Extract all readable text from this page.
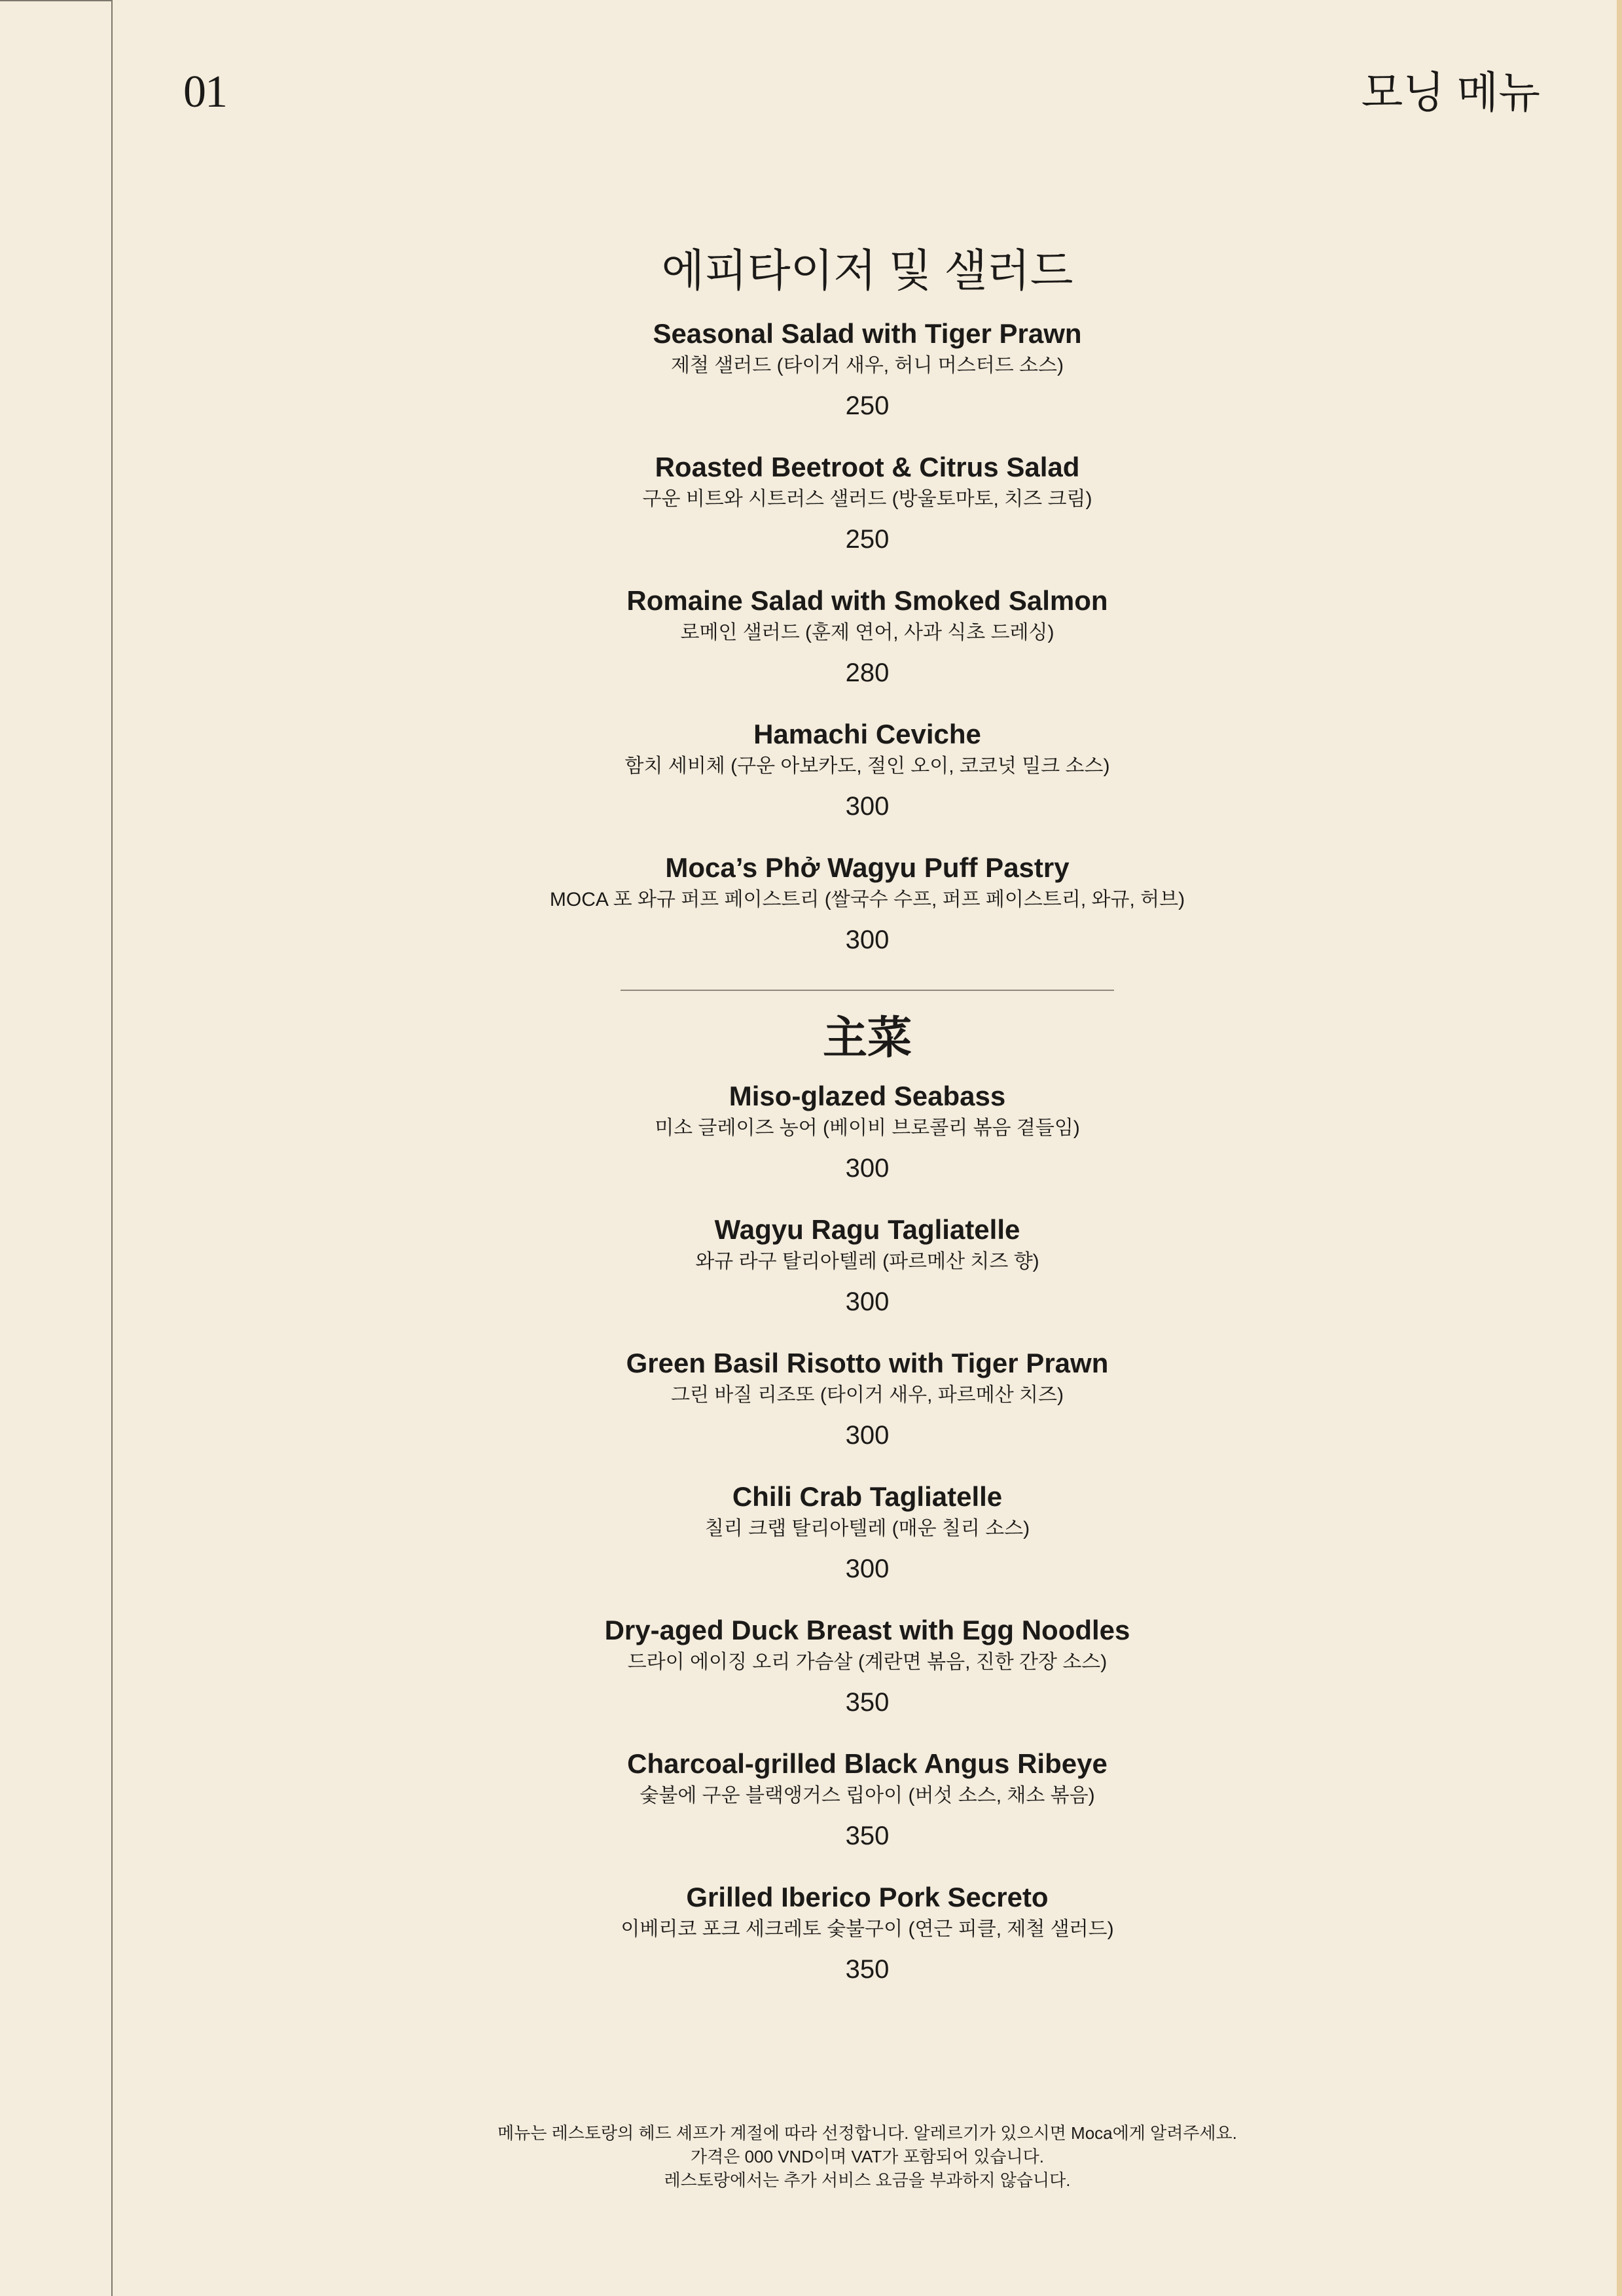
01	모닝 메뉴
에피타이저 및 샐러드
Seasonal Salad with Tiger Prawn
제철 샐러드 (타이거 새우, 허니 머스터드 소스)
250
Roasted Beetroot & Citrus Salad
구운 비트와 시트러스 샐러드 (방울토마토, 치즈 크림)
250
Romaine Salad with Smoked Salmon
로메인 샐러드 (훈제 연어, 사과 식초 드레싱)
280
Hamachi Ceviche
함치 세비체 (구운 아보카도, 절인 오이, 코코넛 밀크 소스)
300
Moca’s Phở Wagyu Puff Pastry
MOCA 포 와규 퍼프 페이스트리 (쌀국수 수프, 퍼프 페이스트리, 와규, 허브)
300
主菜
Miso-glazed Seabass
미소 글레이즈 농어 (베이비 브로콜리 볶음 곁들임)
300
Wagyu Ragu Tagliatelle
와규 라구 탈리아텔레 (파르메산 치즈 향)
300
Green Basil Risotto with Tiger Prawn
그린 바질 리조또 (타이거 새우, 파르메산 치즈)
300
Chili Crab Tagliatelle
칠리 크랩 탈리아텔레 (매운 칠리 소스)
300
Dry-aged Duck Breast with Egg Noodles
드라이 에이징 오리 가슴살 (계란면 볶음, 진한 간장 소스)
350
Charcoal-grilled Black Angus Ribeye
숯불에 구운 블랙앵거스 립아이 (버섯 소스, 채소 볶음)
350
Grilled Iberico Pork Secreto
이베리코 포크 세크레토 숯불구이 (연근 피클, 제철 샐러드)
350
메뉴는 레스토랑의 헤드 셰프가 계절에 따라 선정합니다. 알레르기가 있으시면 Moca에게 알려주세요.
가격은 000 VND이며 VAT가 포함되어 있습니다.
레스토랑에서는 추가 서비스 요금을 부과하지 않습니다.
